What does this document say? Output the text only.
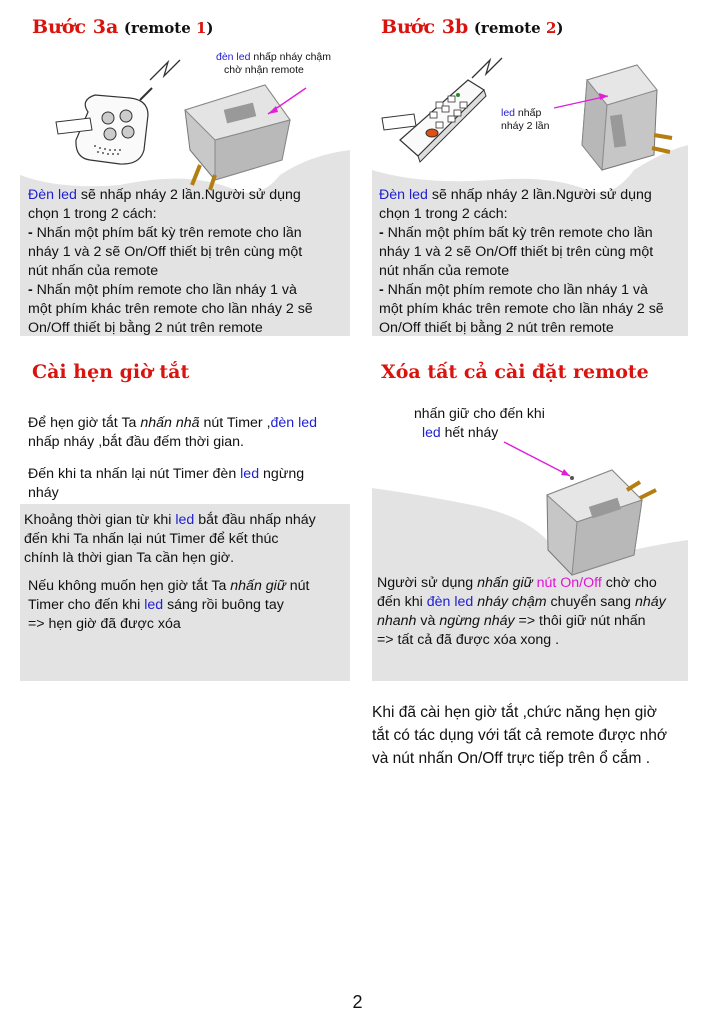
Bước 3a (remote 1)
đèn led nhấp nháy chậm
chờ nhận remote
Đèn led sẽ nhấp nháy 2 lần.Người sử dụng
chọn 1 trong 2 cách:
- Nhấn một phím bất kỳ trên remote cho lần
nháy 1 và 2 sẽ On/Off thiết bị trên cùng một
nút nhấn của remote
- Nhấn một phím remote cho lần nháy 1 và
một phím khác trên remote cho lần nháy 2 sẽ
On/Off thiết bị bằng 2 nút trên remote
Bước 3b (remote 2)
led nhấp
nháy 2 lần
Đèn led sẽ nhấp nháy 2 lần.Người sử dụng
chọn 1 trong 2 cách:
- Nhấn một phím bất kỳ trên remote cho lần
nháy 1 và 2 sẽ On/Off thiết bị trên cùng một
nút nhấn của remote
- Nhấn một phím remote cho lần nháy 1 và
một phím khác trên remote cho lần nháy 2 sẽ
On/Off thiết bị bằng 2 nút trên remote
Cài hẹn giờ tắt
Để hẹn giờ tắt Ta nhấn nhã nút Timer ,đèn led
nhấp nháy ,bắt đầu đếm thời gian.
Đến khi ta nhấn lại nút Timer đèn led ngừng
nháy
Khoảng thời gian từ khi led bắt đầu nhấp nháy
đến khi Ta nhấn lại nút Timer để kết thúc
chính là thời gian Ta cần hẹn giờ.
Nếu không muốn hẹn giờ tắt Ta nhấn giữ nút
Timer cho đến khi led sáng rồi buông tay
=> hẹn giờ đã được xóa
Xóa tất cả cài đặt remote
nhấn giữ cho đến khi
led hết nháy
Người sử dụng nhấn giữ nút On/Off chờ cho
đến khi đèn led nháy chậm chuyển sang nháy
nhanh và ngừng nháy => thôi giữ nút nhấn
=> tất cả đã được xóa xong .
Khi đã cài hẹn giờ tắt ,chức năng hẹn giờ
tắt có tác dụng với tất cả remote được nhớ
và nút nhấn On/Off trực tiếp trên ổ cắm .
2
